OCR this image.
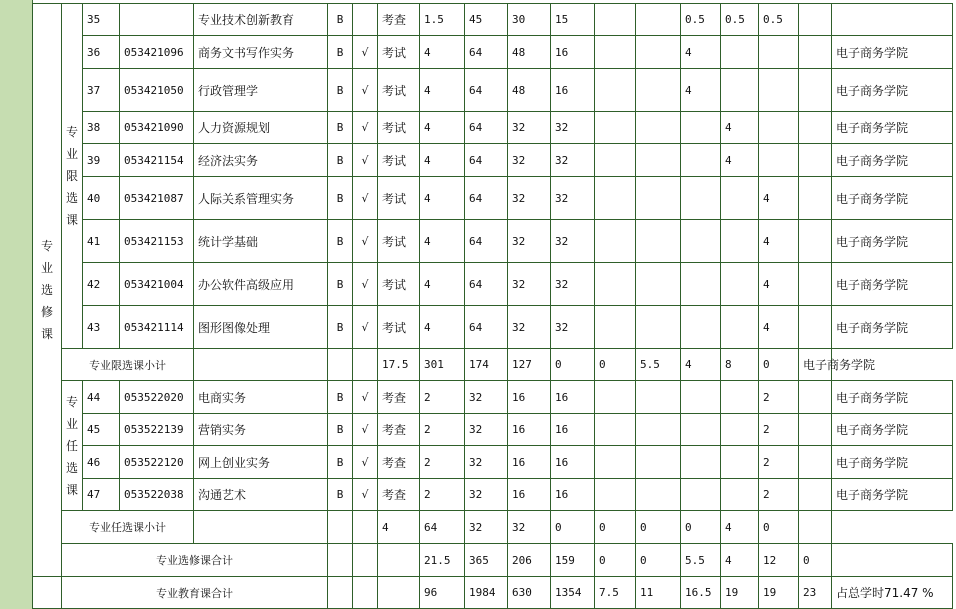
专
业
选
修
课	专
业
限
选
课	35		专业技术创新教育	B		考查	1.5	45	30	15			0.5	0.5	0.5		
		36	053421096	商务文书写作实务	B	√	考试	4	64	48	16			4				电子商务学院
		37	053421050	行政管理学	B	√	考试	4	64	48	16			4				电子商务学院
		38	053421090	人力资源规划	B	√	考试	4	64	32	32				4			电子商务学院
		39	053421154	经济法实务	B	√	考试	4	64	32	32				4			电子商务学院
		40	053421087	人际关系管理实务	B	√	考试	4	64	32	32					4		电子商务学院
		41	053421153	统计学基础	B	√	考试	4	64	32	32					4		电子商务学院
		42	053421004	办公软件高级应用	B	√	考试	4	64	32	32					4		电子商务学院
		43	053421114	图形图像处理	B	√	考试	4	64	32	32					4		电子商务学院
	专业限选课小计						17.5	301	174	127	0	0	5.5	4	8	0	电子商务学院	
	专
业
任
选
课	44	053522020	电商实务	B	√	考查	2	32	16	16					2		电子商务学院
		45	053522139	营销实务	B	√	考查	2	32	16	16					2		电子商务学院
		46	053522120	网上创业实务	B	√	考查	2	32	16	16					2		电子商务学院
		47	053522038	沟通艺术	B	√	考查	2	32	16	16					2		电子商务学院
	专业任选课小计						4	64	32	32	0	0	0	0	4	0		
	专业选修课合计							21.5	365	206	159	0	0	5.5	4	12	0	
	专业教育课合计							96	1984	630	1354	7.5	11	16.5	19	19	23	占总学时71.47 %
